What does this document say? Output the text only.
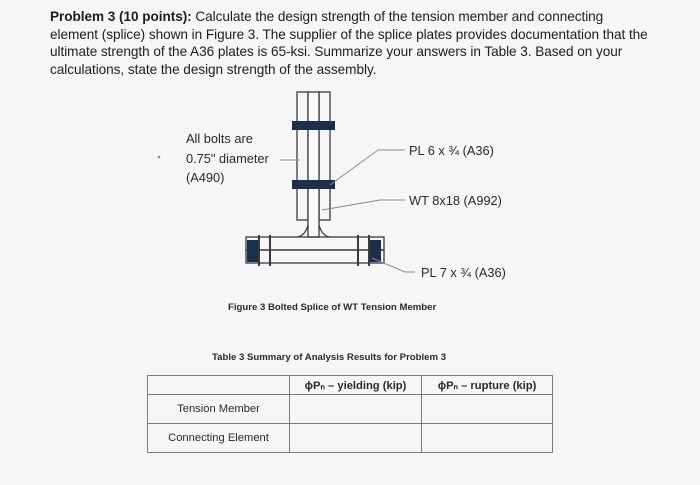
Problem 3 (10 points): Calculate the design strength of the tension member and connecting element (splice) shown in Figure 3. The supplier of the splice plates provides documentation that the ultimate strength of the A36 plates is 65-ksi. Summarize your answers in Table 3. Based on your calculations, state the design strength of the assembly.
All bolts are
0.75" diameter
(A490)
PL 6 x ¾ (A36)
WT 8x18 (A992)
PL 7 x ¾ (A36)
Figure 3 Bolted Splice of WT Tension Member
Table 3 Summary of Analysis Results for Problem 3
	ϕPₙ – yielding (kip)	ϕPₙ – rupture (kip)
Tension Member		
Connecting Element		
